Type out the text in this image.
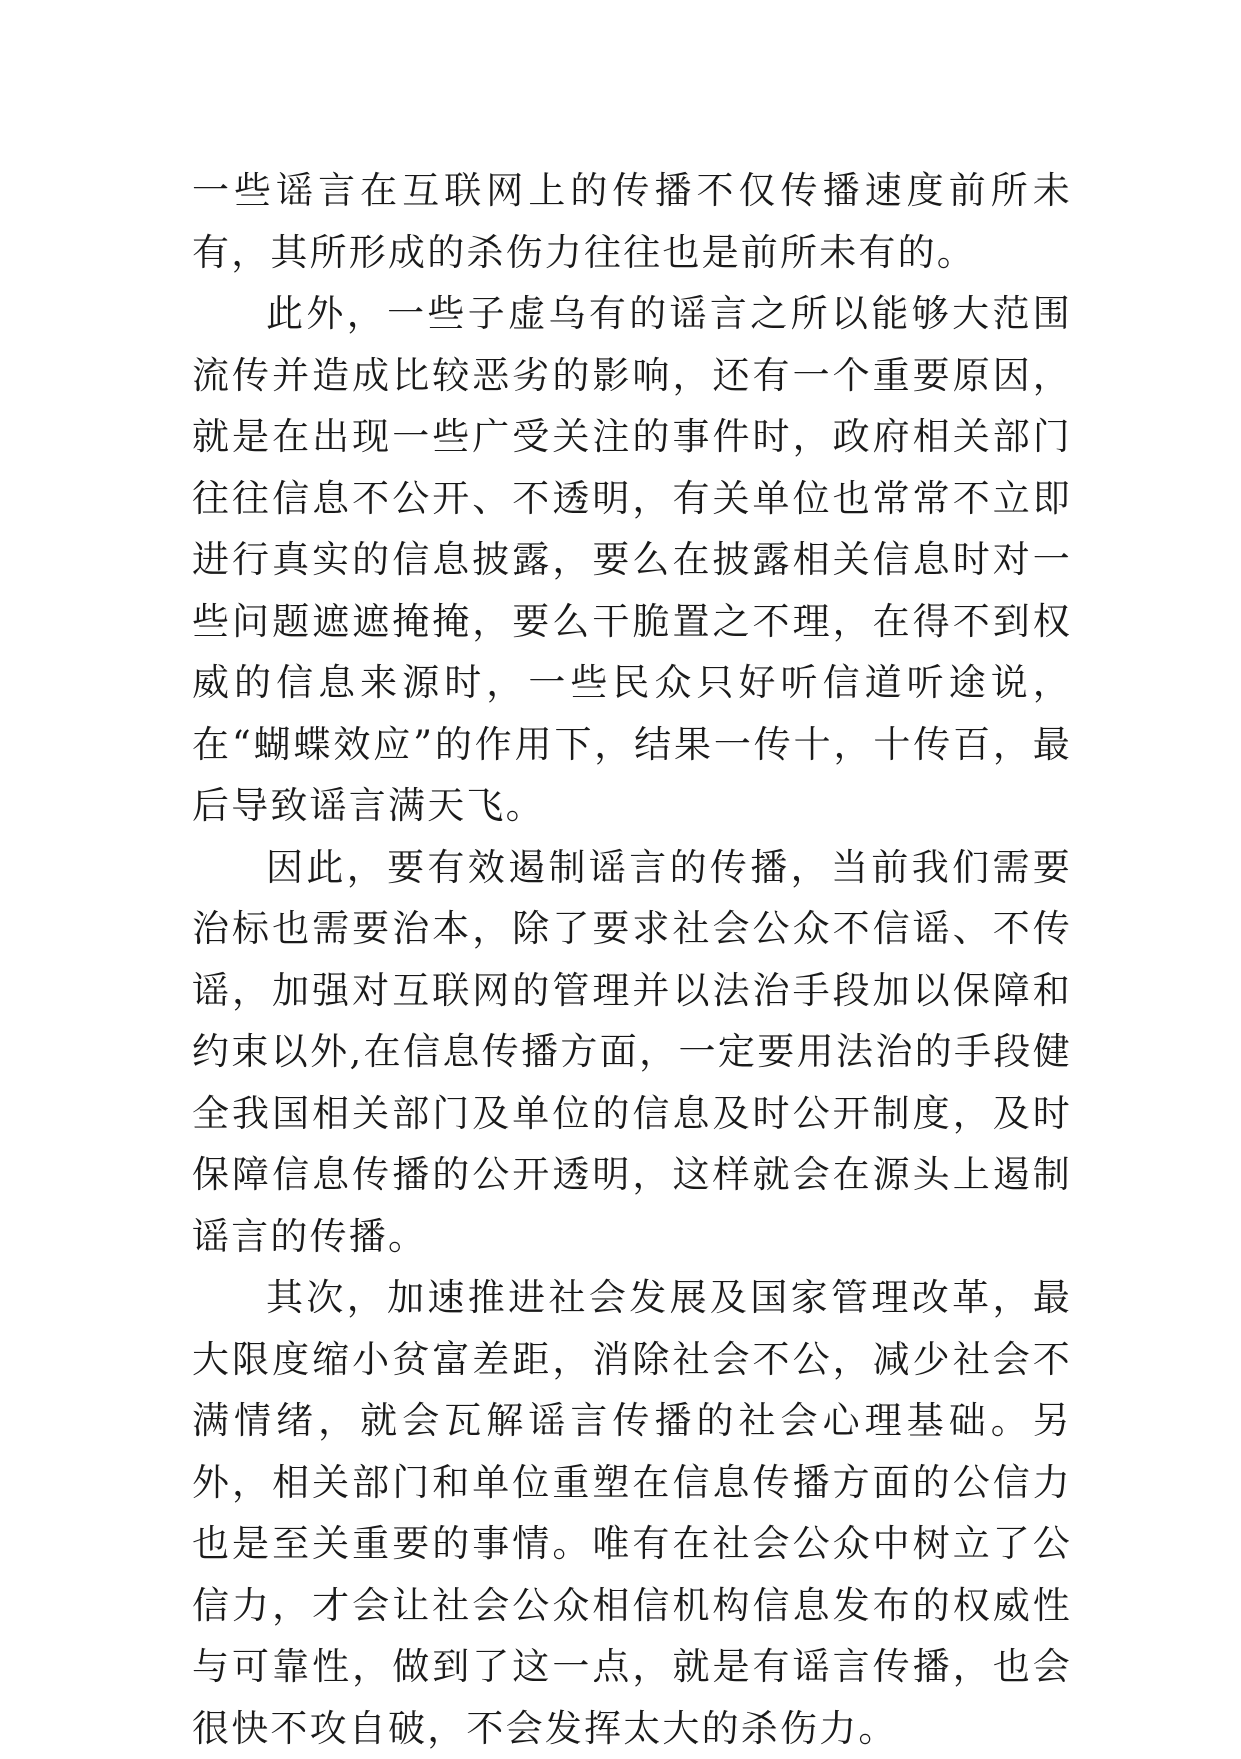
一些谣言在互联网上的传播不仅传播速度前所未有，其所形成的杀伤力往往也是前所未有的。

此外，一些子虚乌有的谣言之所以能够大范围流传并造成比较恶劣的影响，还有一个重要原因，就是在出现一些广受关注的事件时，政府相关部门往往信息不公开、不透明，有关单位也常常不立即进行真实的信息披露，要么在披露相关信息时对一些问题遮遮掩掩，要么干脆置之不理，在得不到权威的信息来源时，一些民众只好听信道听途说，在“蝴蝶效应”的作用下，结果一传十，十传百，最后导致谣言满天飞。

因此，要有效遏制谣言的传播，当前我们需要治标也需要治本，除了要求社会公众不信谣、不传谣，加强对互联网的管理并以法治手段加以保障和约束以外,在信息传播方面，一定要用法治的手段健全我国相关部门及单位的信息及时公开制度，及时保障信息传播的公开透明，这样就会在源头上遏制谣言的传播。

其次，加速推进社会发展及国家管理改革，最大限度缩小贫富差距，消除社会不公，减少社会不满情绪，就会瓦解谣言传播的社会心理基础。另外，相关部门和单位重塑在信息传播方面的公信力也是至关重要的事情。唯有在社会公众中树立了公信力，才会让社会公众相信机构信息发布的权威性与可靠性，做到了这一点，就是有谣言传播，也会很快不攻自破，不会发挥太大的杀伤力。
